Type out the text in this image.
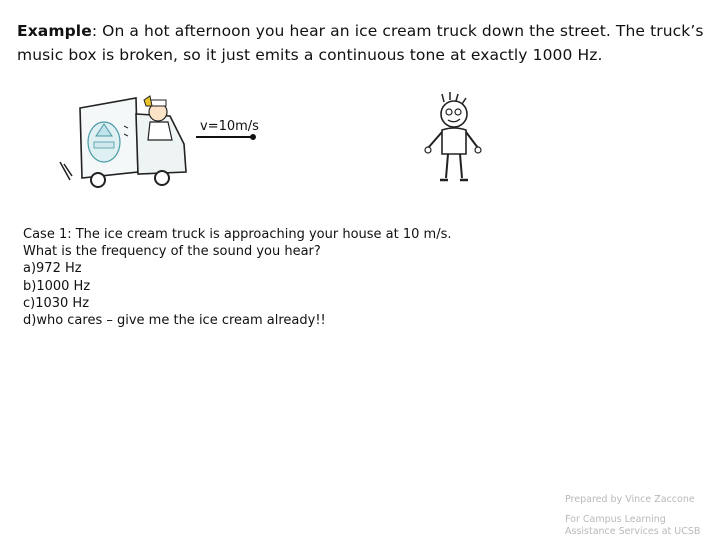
Example: On a hot afternoon you hear an ice cream truck down the street. The truck’s music box is broken, so it just emits a continuous tone at exactly 1000 Hz.
v=10m/s
Case 1: The ice cream truck is approaching your house at 10 m/s.
What is the frequency of the sound you hear?
a)972 Hz
b)1000 Hz
c)1030 Hz
d)who cares – give me the ice cream already!!
Prepared by Vince Zaccone
For Campus Learning
Assistance Services at UCSB
